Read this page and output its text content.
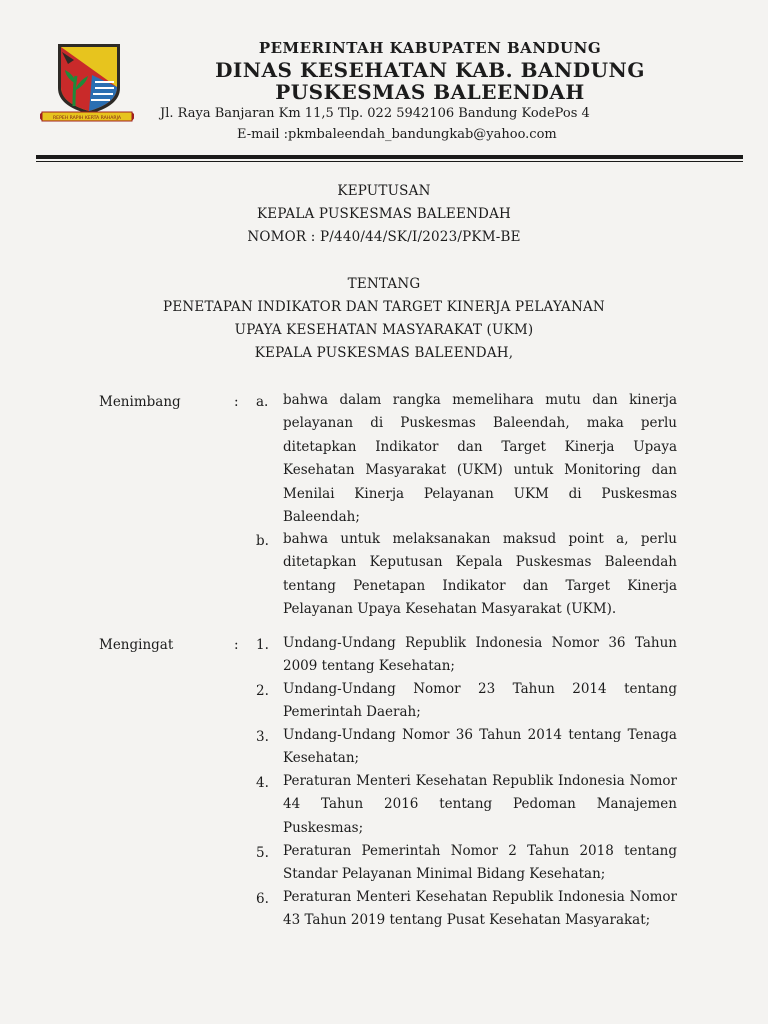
REPEH RAPIH KERTA RAHARJA
PEMERINTAH KABUPATEN BANDUNG
DINAS KESEHATAN KAB. BANDUNG
PUSKESMAS BALEENDAH
Jl. Raya Banjaran Km 11,5 Tlp. 022 5942106 Bandung KodePos 4
E-mail :pkmbaleendah_bandungkab@yahoo.com
KEPUTUSAN
KEPALA PUSKESMAS BALEENDAH
NOMOR : P/440/44/SK/I/2023/PKM-BE
TENTANG
PENETAPAN INDIKATOR DAN TARGET KINERJA PELAYANAN
UPAYA KESEHATAN MASYARAKAT (UKM)
KEPALA PUSKESMAS BALEENDAH,
Menimbang	: a. bahwa dalam rangka memelihara mutu dan kinerja pelayanan di Puskesmas Baleendah, maka perlu ditetapkan Indikator dan Target Kinerja Upaya Kesehatan Masyarakat (UKM) untuk Monitoring dan Menilai Kinerja Pelayanan UKM di Puskesmas Baleendah;
b. bahwa untuk melaksanakan maksud point a, perlu ditetapkan Keputusan Kepala Puskesmas Baleendah tentang Penetapan Indikator dan Target Kinerja Pelayanan Upaya Kesehatan Masyarakat (UKM).
Mengingat	: 1. Undang-Undang Republik Indonesia Nomor 36 Tahun 2009 tentang Kesehatan;
2. Undang-Undang Nomor 23 Tahun 2014 tentang Pemerintah Daerah;
3. Undang-Undang Nomor 36 Tahun 2014 tentang Tenaga Kesehatan;
4. Peraturan Menteri Kesehatan Republik Indonesia Nomor 44 Tahun 2016 tentang Pedoman Manajemen Puskesmas;
5. Peraturan Pemerintah Nomor 2 Tahun 2018 tentang Standar Pelayanan Minimal Bidang Kesehatan;
6. Peraturan Menteri Kesehatan Republik Indonesia Nomor 43 Tahun 2019 tentang Pusat Kesehatan Masyarakat;
